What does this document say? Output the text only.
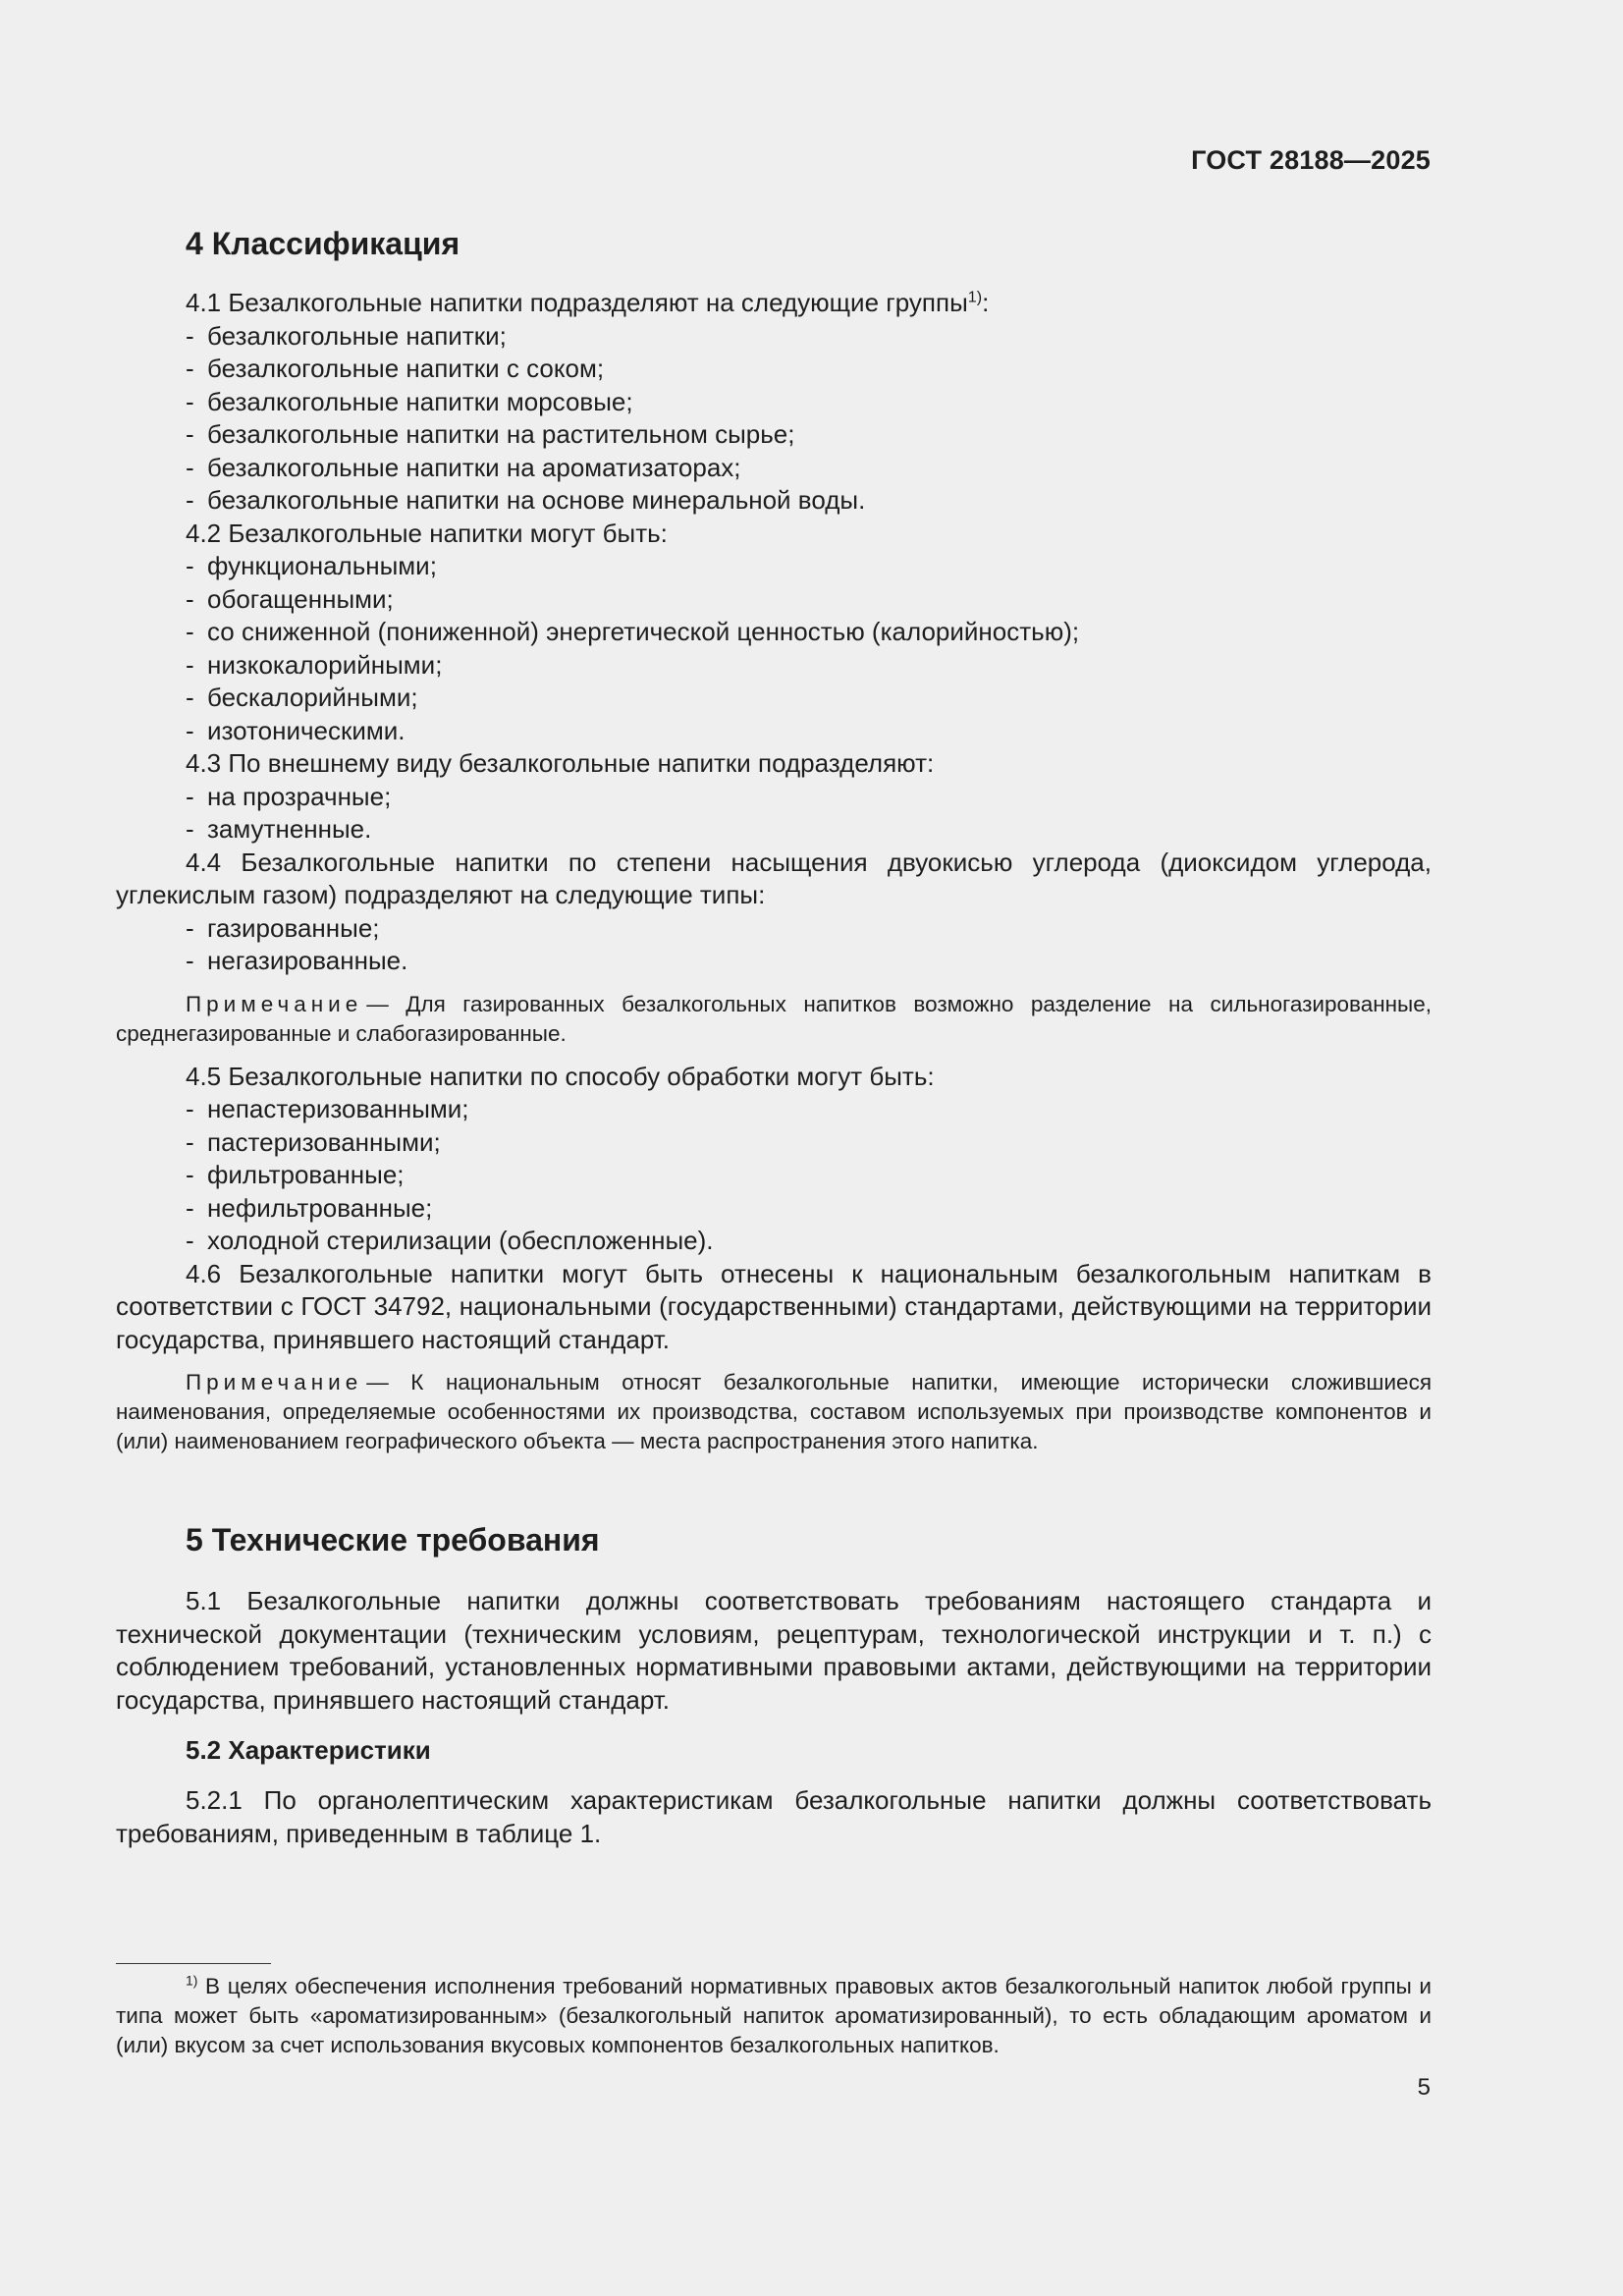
ГОСТ 28188—2025
4 Классификация

4.1 Безалкогольные напитки подразделяют на следующие группы$^{1)}$:

- безалкогольные напитки;
- безалкогольные напитки с соком;
- безалкогольные напитки морсовые;
- безалкогольные напитки на растительном сырье;
- безалкогольные напитки на ароматизаторах;
- безалкогольные напитки на основе минеральной воды.

4.2 Безалкогольные напитки могут быть:

- функциональными;
- обогащенными;
- со сниженной (пониженной) энергетической ценностью (калорийностью);
- низкокалорийными;
- бескалорийными;
- изотоническими.

4.3 По внешнему виду безалкогольные напитки подразделяют:

- на прозрачные;
- замутненные.

4.4 Безалкогольные напитки по степени насыщения двуокисью углерода (диоксидом углерода, углекислым газом) подразделяют на следующие типы:

- газированные;
- негазированные.

Примечание — Для газированных безалкогольных напитков возможно разделение на сильногазированные, среднегазированные и слабогазированные.

4.5 Безалкогольные напитки по способу обработки могут быть:

- непастеризованными;
- пастеризованными;
- фильтрованные;
- нефильтрованные;
- холодной стерилизации (обеспложенные).

4.6 Безалкогольные напитки могут быть отнесены к национальным безалкогольным напиткам в соответствии с ГОСТ 34792, национальными (государственными) стандартами, действующими на территории государства, принявшего настоящий стандарт.

Примечание — К национальным относят безалкогольные напитки, имеющие исторически сложившиеся наименования, определяемые особенностями их производства, составом используемых при производстве компонентов и (или) наименованием географического объекта — места распространения этого напитка.

5 Технические требования

5.1 Безалкогольные напитки должны соответствовать требованиям настоящего стандарта и технической документации (техническим условиям, рецептурам, технологической инструкции и т. п.) с соблюдением требований, установленных нормативными правовыми актами, действующими на территории государства, принявшего настоящий стандарт.

5.2 Характеристики

5.2.1 По органолептическим характеристикам безалкогольные напитки должны соответствовать требованиям, приведенным в таблице 1.

$^{1)}$ В целях обеспечения исполнения требований нормативных правовых актов безалкогольный напиток любой группы и типа может быть «ароматизированным» (безалкогольный напиток ароматизированный), то есть обладающим ароматом и (или) вкусом за счет использования вкусовых компонентов безалкогольных напитков.

5
